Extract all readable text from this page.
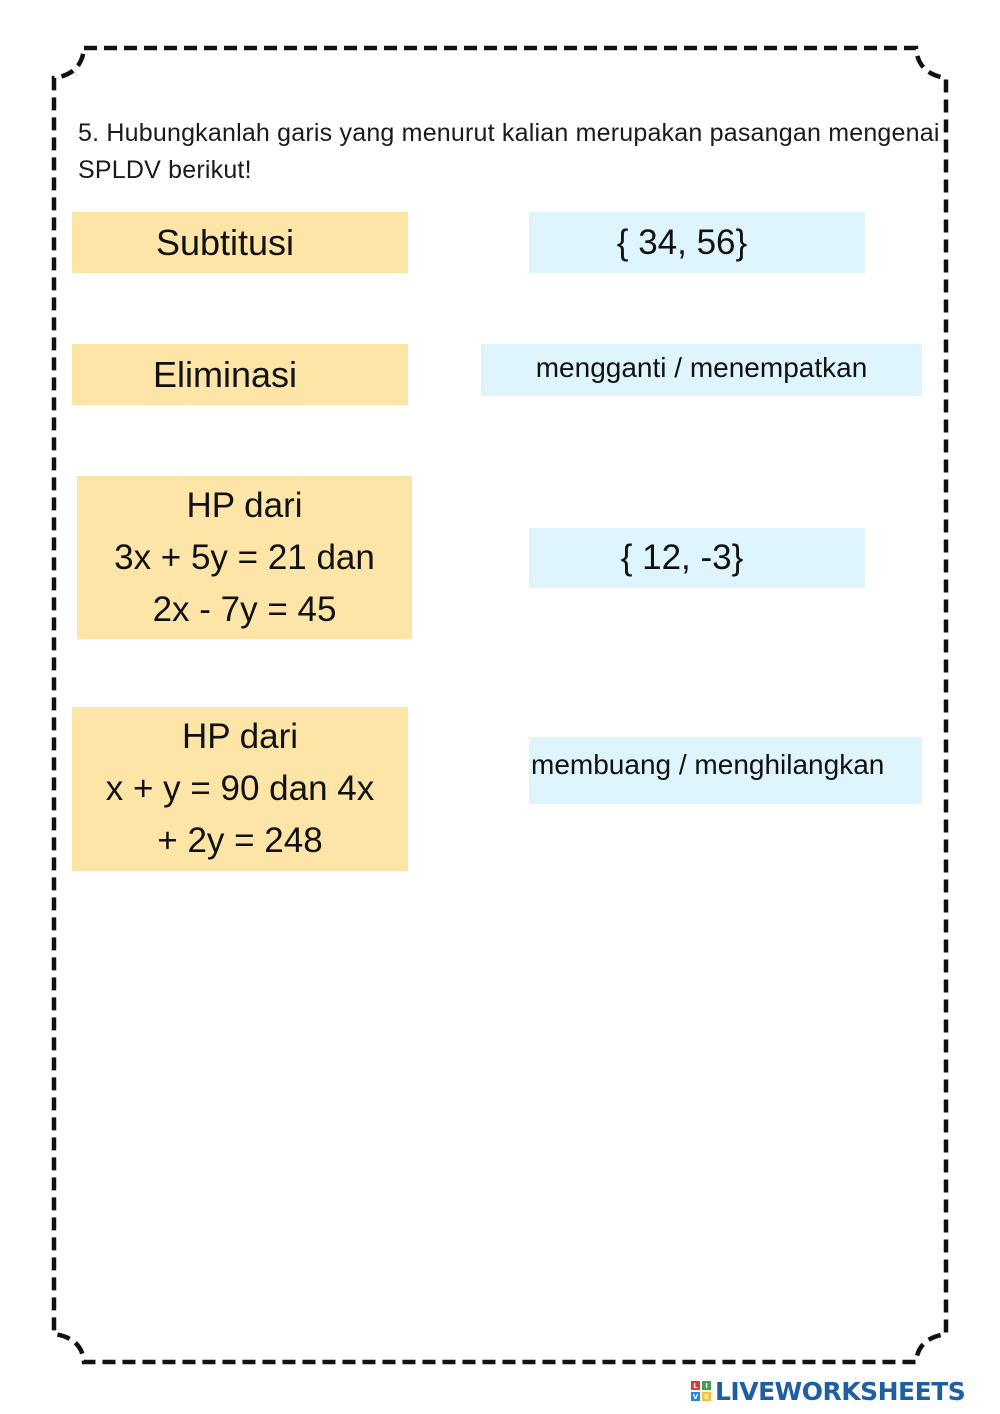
5. Hubungkanlah garis yang menurut kalian merupakan pasangan mengenai SPLDV berikut!
Subtitusi
Eliminasi
HP dari
3x + 5y = 21 dan
2x - 7y = 45
HP dari
x + y = 90 dan 4x
+ 2y = 248
{ 34, 56}
mengganti / menempatkan
{ 12, -3}
membuang / menghilangkan
L	I
V E LIVEWORKSHEETS
